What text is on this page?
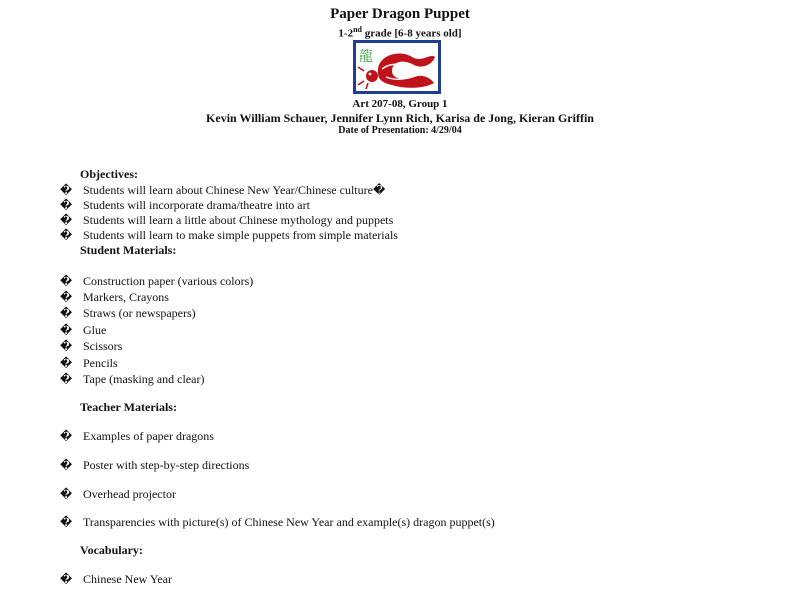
Paper Dragon Puppet
1-2nd grade [6-8 years old]
龍
Art 207-08, Group 1
Kevin William Schauer, Jennifer Lynn Rich, Karisa de Jong, Kieran Griffin
Date of Presentation: 4/29/04
Objectives:
� Students will learn about Chinese New Year/Chinese culture�
� Students will incorporate drama/theatre into art
� Students will learn a little about Chinese mythology and puppets
� Students will learn to make simple puppets from simple materials
Student Materials:
� Construction paper (various colors)
� Markers, Crayons
� Straws (or newspapers)
� Glue
� Scissors
� Pencils
� Tape (masking and clear)
Teacher Materials:
� Examples of paper dragons
� Poster with step-by-step directions
� Overhead projector
� Transparencies with picture(s) of Chinese New Year and example(s) dragon puppet(s)
Vocabulary:
� Chinese New Year
